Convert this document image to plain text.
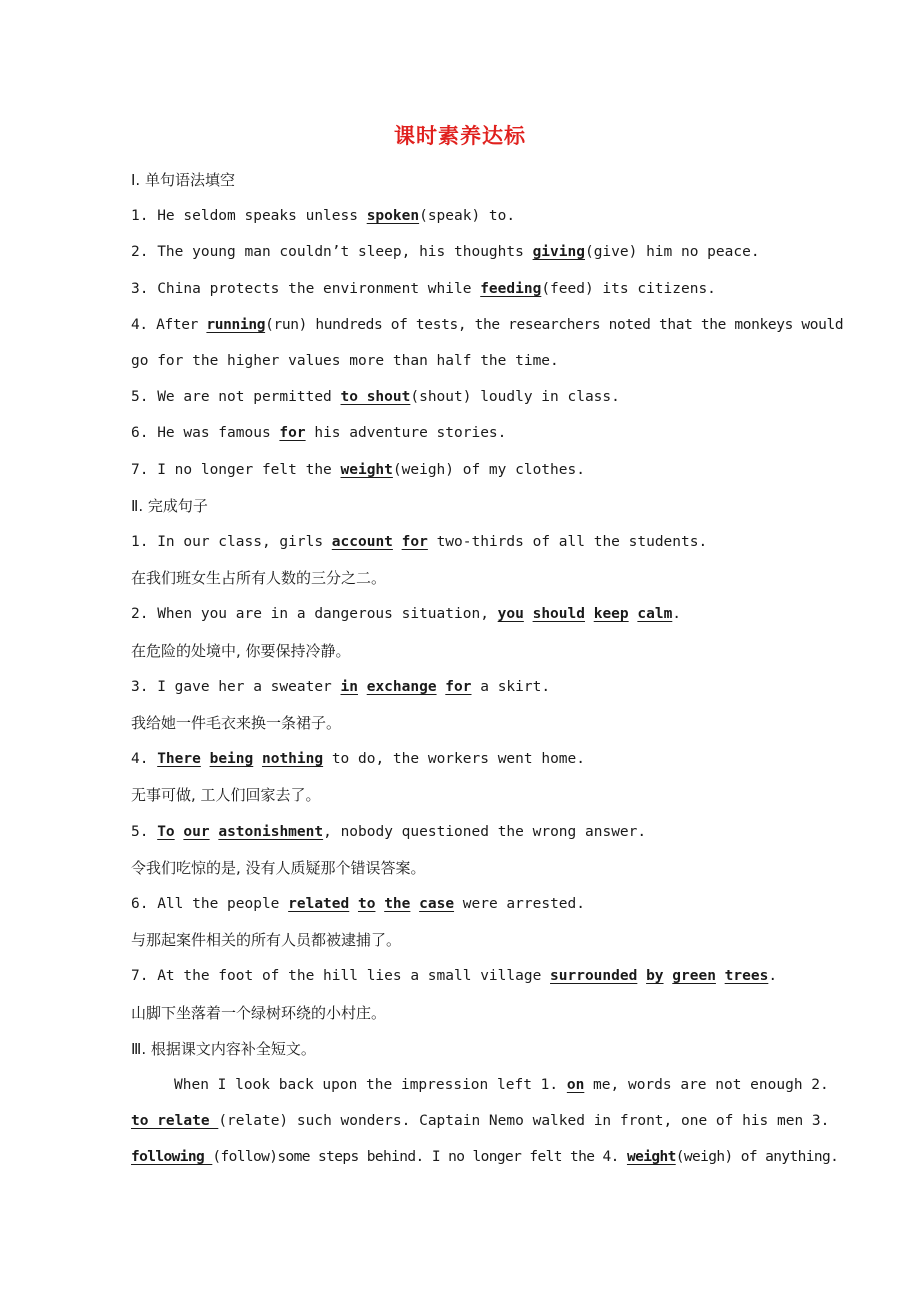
课时素养达标
Ⅰ. 单句语法填空
1. He seldom speaks unless spoken(speak) to.
2. The young man couldn’t sleep, his thoughts giving(give) him no peace.
3. China protects the environment while feeding(feed) its citizens.
4. After running(run) hundreds of tests, the researchers noted that the monkeys would
go for the higher values more than half the time.
5. We are not permitted to shout(shout) loudly in class.
6. He was famous for his adventure stories.
7. I no longer felt the weight(weigh) of my clothes.
Ⅱ. 完成句子
1. In our class, girls account for two-thirds of all the students.
在我们班女生占所有人数的三分之二。
2. When you are in a dangerous situation, you should keep calm.
在危险的处境中, 你要保持冷静。
3. I gave her a sweater in exchange for a skirt.
我给她一件毛衣来换一条裙子。
4. There being nothing to do, the workers went home.
无事可做, 工人们回家去了。
5. To our astonishment, nobody questioned the wrong answer.
令我们吃惊的是, 没有人质疑那个错误答案。
6. All the people related to the case were arrested.
与那起案件相关的所有人员都被逮捕了。
7. At the foot of the hill lies a small village surrounded by green trees.
山脚下坐落着一个绿树环绕的小村庄。
Ⅲ. 根据课文内容补全短文。
When I look back upon the impression left 1. on me, words are not enough 2.
to relate (relate) such wonders. Captain Nemo walked in front, one of his men 3.
following (follow)some steps behind. I no longer felt the 4. weight(weigh) of anything.
